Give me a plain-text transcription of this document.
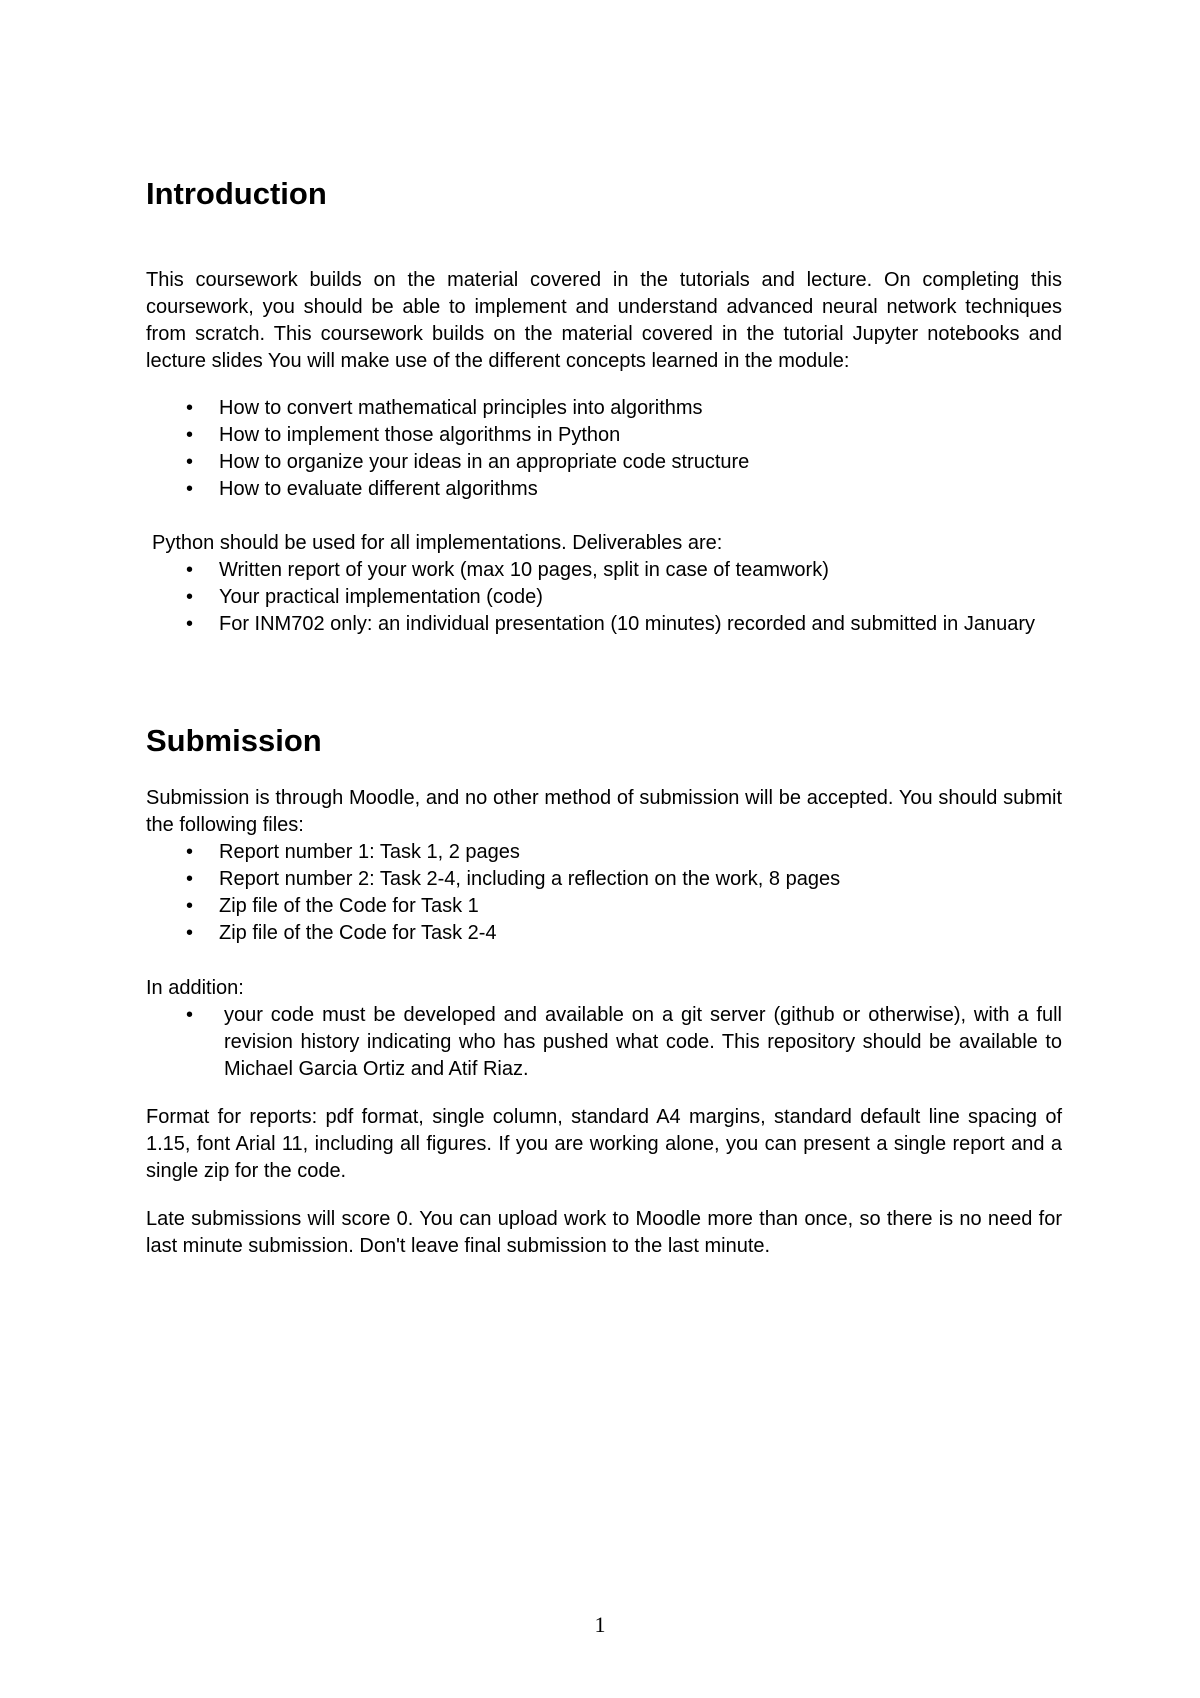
Introduction

This coursework builds on the material covered in the tutorials and lecture. On completing this coursework, you should be able to implement and understand advanced neural network techniques from scratch. This coursework builds on the material covered in the tutorial Jupyter notebooks and lecture slides You will make use of the different concepts learned in the module:

• How to convert mathematical principles into algorithms
• How to implement those algorithms in Python
• How to organize your ideas in an appropriate code structure
• How to evaluate different algorithms

Python should be used for all implementations. Deliverables are:

• Written report of your work (max 10 pages, split in case of teamwork)
• Your practical implementation (code)
• For INM702 only: an individual presentation (10 minutes) recorded and submitted in January
Submission

Submission is through Moodle, and no other method of submission will be accepted. You should submit the following files:

• Report number 1: Task 1, 2 pages
• Report number 2: Task 2-4, including a reflection on the work, 8 pages
• Zip file of the Code for Task 1
• Zip file of the Code for Task 2-4

In addition:

• your code must be developed and available on a git server (github or otherwise), with a full revision history indicating who has pushed what code. This repository should be available to Michael Garcia Ortiz and Atif Riaz.

Format for reports: pdf format, single column, standard A4 margins, standard default line spacing of 1.15, font Arial 11, including all figures. If you are working alone, you can present a single report and a single zip for the code.

Late submissions will score 0. You can upload work to Moodle more than once, so there is no need for last minute submission. Don't leave final submission to the last minute.

1
